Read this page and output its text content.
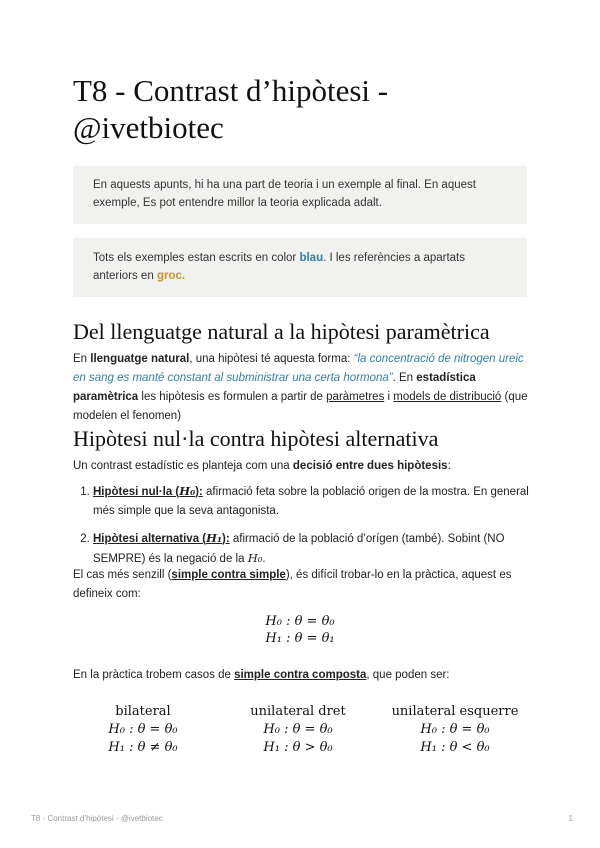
T8 - Contrast d’hipòtesi - @ivetbiotec
En aquests apunts, hi ha una part de teoria i un exemple al final. En aquest exemple, Es pot entendre millor la teoria explicada adalt.
Tots els exemples estan escrits en color blau. I les referències a apartats anteriors en groc.
Del llenguatge natural a la hipòtesi paramètrica

En llenguatge natural, una hipòtesi té aquesta forma: “la concentració de nitrogen ureic en sang es manté constant al subministrar una certa hormona”. En estadística paramètrica les hipòtesis es formulen a partir de paràmetres i models de distribució (que modelen el fenomen)

Hipòtesi nul·la contra hipòtesi alternativa

Un contrast estadístic es planteja com una decisió entre dues hipòtesis:

1. Hipòtesi nul·la (H₀): afirmació feta sobre la població origen de la mostra. En general més simple que la seva antagonista.
2. Hipòtesi alternativa (H₁): afirmació de la població d’orígen (també). Sobint (NO SEMPRE) és la negació de la H₀.

El cas més senzill (simple contra simple), és difícil trobar-lo en la pràctica, aquest es defineix com:

H₀ : θ = θ₀
H₁ : θ = θ₁

En la pràctica trobem casos de simple contra composta, que poden ser:

bilateral
H₀ : θ = θ₀
H₁ : θ ≠ θ₀
unilateral dret
H₀ : θ = θ₀
H₁ : θ > θ₀
unilateral esquerre
H₀ : θ = θ₀
H₁ : θ < θ₀
T8 - Contrast d’hipòtesi - @ivetbiotec	1
